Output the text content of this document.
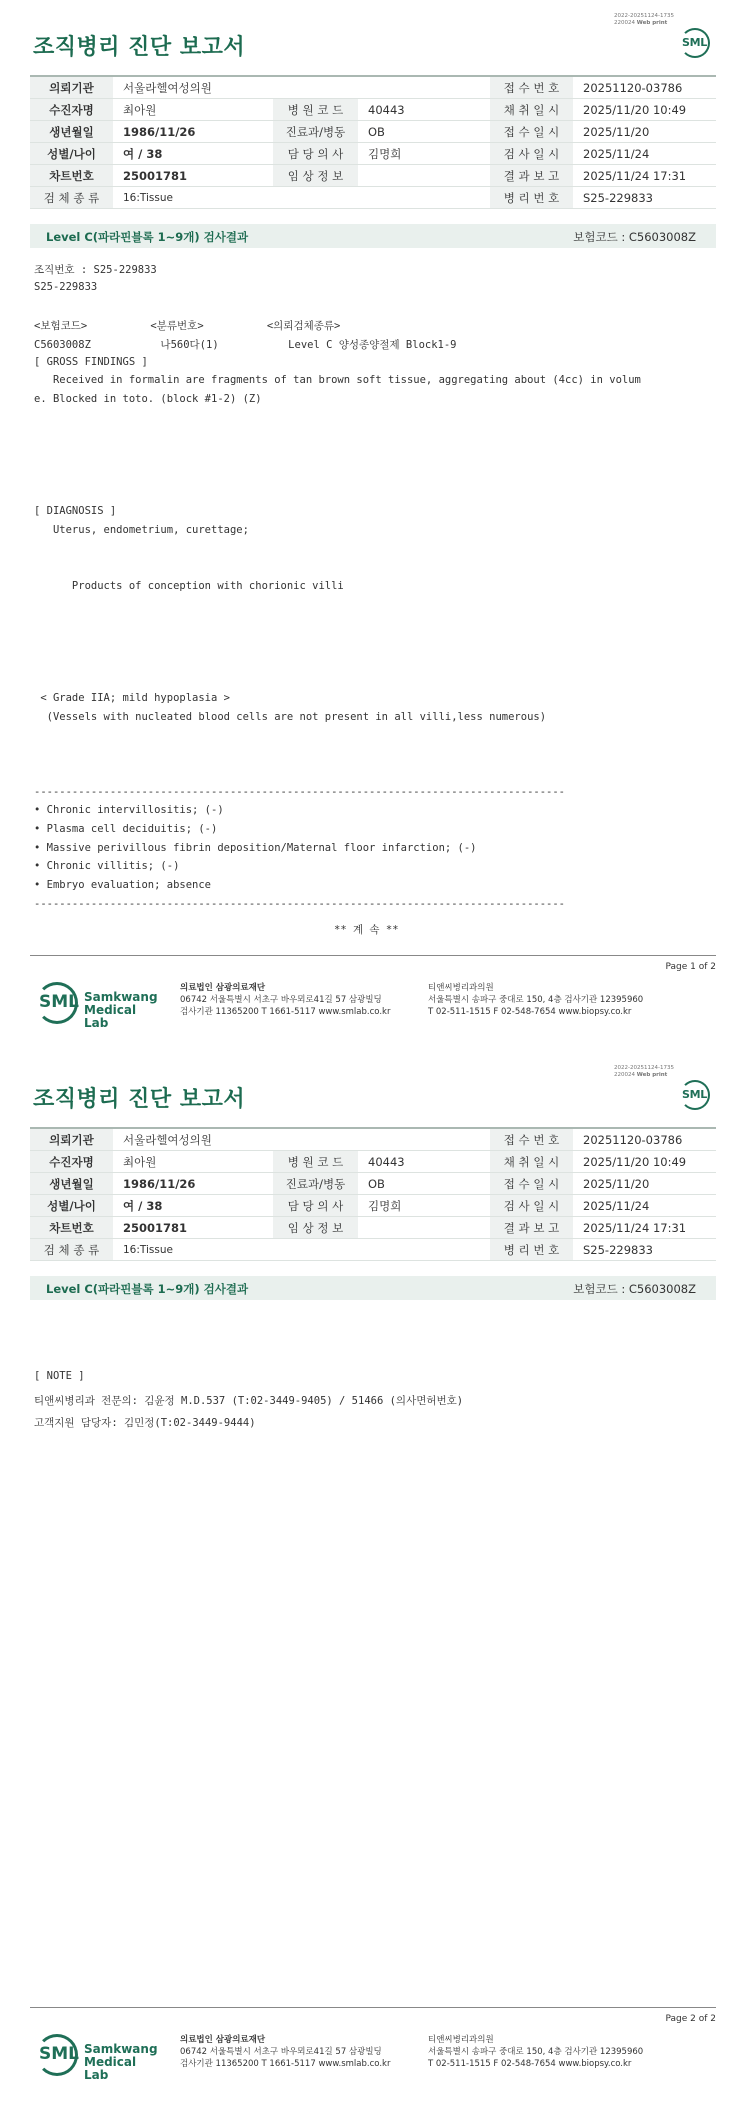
2022-20251124-1735
220024 Web print
조직병리 진단 보고서	SML
의뢰기관	서울라헬여성의원			접 수 번 호	20251120-03786
수진자명	최아원	병 원 코 드	40443	채 취 일 시	2025/11/20 10:49
생년월일	1986/11/26	진료과/병동	OB	접 수 일 시	2025/11/20
성별/나이	여 / 38	담 당 의 사	김명희	검 사 일 시	2025/11/24
차트번호	25001781	임 상 정 보		결 과 보 고	2025/11/24 17:31
검 체 종 류	16:Tissue			병 리 번 호	S25-229833
Level C(파라핀블록 1~9개) 검사결과	보험코드 : C5603008Z
조직번호 : S25-229833
S25-229833
<보험코드>          <분류번호>          <의뢰검체종류>
C5603008Z           나560다(1)           Level C 양성종양절제 Block1-9
[ GROSS FINDINGS ]
Received in formalin are fragments of tan brown soft tissue, aggregating about (4cc) in volum
e. Blocked in toto. (block #1-2) (Z)
[ DIAGNOSIS ]
Uterus, endometrium, curettage;
Products of conception with chorionic villi
< Grade IIA; mild hypoplasia >
(Vessels with nucleated blood cells are not present in all villi,less numerous)
------------------------------------------------------------------------------------
• Chronic intervillositis; (-)
• Plasma cell deciduitis; (-)
• Massive perivillous fibrin deposition/Maternal floor infarction; (-)
• Chronic villitis; (-)
• Embryo evaluation; absence
------------------------------------------------------------------------------------
** 계 속 **
Page 1 of 2
SML Samkwang
Medical Lab
의료법인 삼광의료재단
06742 서울특별시 서초구 바우뫼로41길 57 삼광빌딩
검사기관 11365200 T 1661-5117 www.smlab.co.kr
티앤씨병리과의원
서울특별시 송파구 중대로 150, 4층 검사기관 12395960
T 02-511-1515 F 02-548-7654 www.biopsy.co.kr
2022-20251124-1735
220024 Web print
조직병리 진단 보고서	SML
의뢰기관	서울라헬여성의원			접 수 번 호	20251120-03786
수진자명	최아원	병 원 코 드	40443	채 취 일 시	2025/11/20 10:49
생년월일	1986/11/26	진료과/병동	OB	접 수 일 시	2025/11/20
성별/나이	여 / 38	담 당 의 사	김명희	검 사 일 시	2025/11/24
차트번호	25001781	임 상 정 보		결 과 보 고	2025/11/24 17:31
검 체 종 류	16:Tissue			병 리 번 호	S25-229833
Level C(파라핀블록 1~9개) 검사결과	보험코드 : C5603008Z
[ NOTE ]
티앤씨병리과 전문의: 김윤정 M.D.537 (T:02-3449-9405) / 51466 (의사면허번호)
고객지원 담당자: 김민정(T:02-3449-9444)
Page 2 of 2
SML Samkwang
Medical Lab
의료법인 삼광의료재단
06742 서울특별시 서초구 바우뫼로41길 57 삼광빌딩
검사기관 11365200 T 1661-5117 www.smlab.co.kr
티앤씨병리과의원
서울특별시 송파구 중대로 150, 4층 검사기관 12395960
T 02-511-1515 F 02-548-7654 www.biopsy.co.kr
